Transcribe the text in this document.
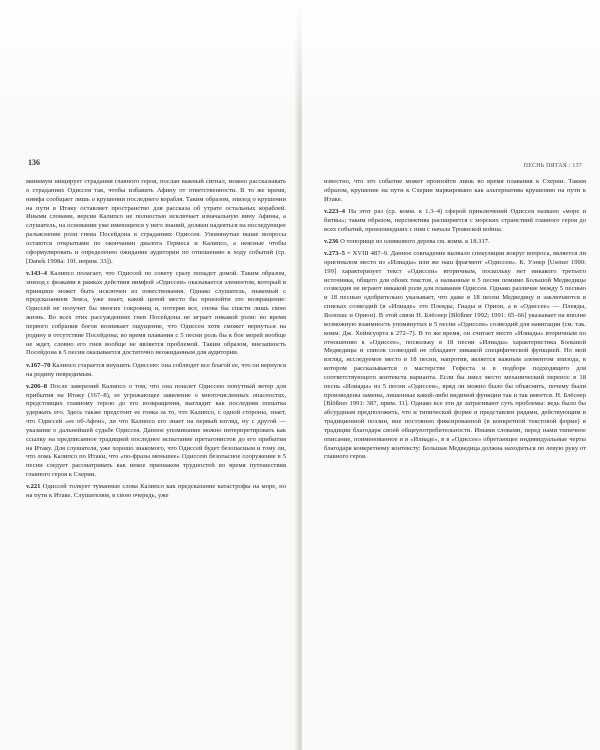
136

минимум нищирует страдания главного героя, послан важный сигнал, можно рассказывать о страданиях Одиссея так, чтобы избавить Афину от ответственности. В то же время, нимфа сообщает лишь о крушении последнего корабля. Таким образом, эпизод о крушении на пути в Итаку оставляет пространство для рассказа об утрате остальных кораблей. Иными словами, версия Калипсо не полностью исключает изначальную вину Афины, а слушатель, на основании уже имеющихся у него знаний, должен надеяться на последующее разъяснение роли гнева Посейдона в страданиях Одиссея. Упомянутые выше вопросы остаются открытыми по окончании диалога Гермеса и Калипсо, а неясные чтобы сформулировать и определенно ожидание аудитории по отношению к ходу событий (ср. [Danek 1998a: 19f. иприм. 33]).

v.143–4 Калипсо полагает, что Одиссей по совету сразу попадет домой. Таким образом, эпизод с феаками в рамках действия нимфой «Одиссеи» оказывается элементом, который в принципе может быть исключен из повествования. Однако слушатель, знакомый с предсказанием Зевса, уже знает, какой ценой место бы произойти это возвращение: Одиссей не получит бы многих сокровищ и, потеряв все, снова бы спасти лишь свою жизнь. Во всех этих рассуждениях гнев Посейдона не играет никакой роли: во время первого собрания богов возникает ощущение, что Одиссея хотя сможет вернуться на родину в отсутствие Посейдона; во время плавания с 5 песни роль бы к бое морей вообще не ждет, словно его гнев вообще не является проблемой. Таким образом, внезапность Посейдона в 5 песни оказывается достаточно неожиданным для аудитории.

v.167–70 Калипсо старается внушить Одиссею: она соблюдет все благой ее, что он вернулся на родину невредимым.

v.206–8 После заверений Калипсо о том, что она пошлет Одиссею попутный ветер для прибытия на Итаку (167–8), ее угрожающее заявление о многочисленных опасностях, предстоящих главному герою до его возвращения, выглядит как последняя попытка удержать его. Здесь также предстоит ее гонка за то, что Калипсо, с одной стороны, знает, что Одиссей «ее об-Афон», ли что Калипсо его знает на первый взгляд, ну с другой — указание о дальнейшей судьбе Одиссея. Данное упоминание можно интерпретировать как ссылку на предписанное традицией последнее испытание претагонистов до его прибытия на Итаку. Для слушателя, уже хорошо знакомого, что Одиссей будет безопасным и тому ли, что ложь Калипсо по Итаки, что «по-фразы меньшее» Одиссею безопасное сооружение в 5 песни следует рассматривать как некое признаком трудностей во время путешествия главного героя к Схерии.

v.221 Одиссей толкует туманные слова Калипсо как предсказание катастрофы на море, но на пути к Итаке. Слушателям, в свою очередь, уже

ПЕСНЬ ПЯТАЯ / 137

известно, что это событие может произойти лишь во время плавания к Схерии. Таким образом, крушение на пути к Схерии маркировано как альтернатива крушению на пути к Итаке.

v.223–4 На этот раз (ср. комм. к 1.3–4) сферой приключений Одиссея названо «море и битвы»; таким образом, перспектива расширяется с морских странствий главного героя до всех событий, произошедших с ним с начала Троянской войны.

v.236 О топорище из оливкового дерева см. комм. к 18.317.

v.273–5 = XVIII 487–9. Данное совпадение вызвало спекуляции вокруг вопроса, является ли оригиналом место из «Илиады» или же наш фрагмент «Одиссеи». К. Уэнер [Usener 1990: 199] характеризует текст «Одиссеи» вторичным, поскольку нет никакого третьего источника, общего для обоих текстов, а названные в 5 песни помимо Большой Медведицы созвездия не играют никакой роли для плавания Одиссея. Однако различие между 5 песнью и 18 песнью одобрительно указывает, что даже в 18 песни Медведицу и заключаются в списках созвездий (в «Илиаде» это Плеяды, Гиады и Орион, а в «Одиссее» — Плеяды, Волопас и Орион). В этой связи Н. Блёснер [Blößner 1992; 1991: 65–66] указывает на вполне возможную взаимность упомянутых в 5 песни «Одиссеи» созвездий для навигации (см. так. комм. Дж. Хейнсуорта к 272–7). В то же время, он считает место «Илиады» вторичным по отношению к «Одиссее», поскольку в 18 песни «Илиады» характеристика Большой Медведицы и список созвездий не обладают никакой специфической функцией. Но мой взгляд, исследуемое место в 18 песни, напротив, является важным элементом эпизода, в котором рассказывается о мастерстве Гефеста и в подборе подходящего для соответствующего контекста варианта. Если бы имел место механический перенос в 18 песнь «Илиады» из 5 песни «Одиссеи», вряд ли можно было бы объяснить, почему были произведены замены, лишенные какой-либо видимой функции так и так имеется. Н. Блёснер [Blößner 1991: 387, прим. 11]. Однако все эти де затрагивают суть проблемы: ведь было бы абсурдным предположить, что и типической форме и представлен рядами, действующим в традиционной поэзии, вне постоянно фиксированной (в конкретной текстовой форме) в традиции благодаря своей общеупотребительности. Иными словами, перед нами типичное описание, поименованное и в «Илиаде», в в «Одиссее» обретающее индивидуальные черты благодаря конкретному контексту: Большая Медведица должна находиться по левую руку от главного героя.
